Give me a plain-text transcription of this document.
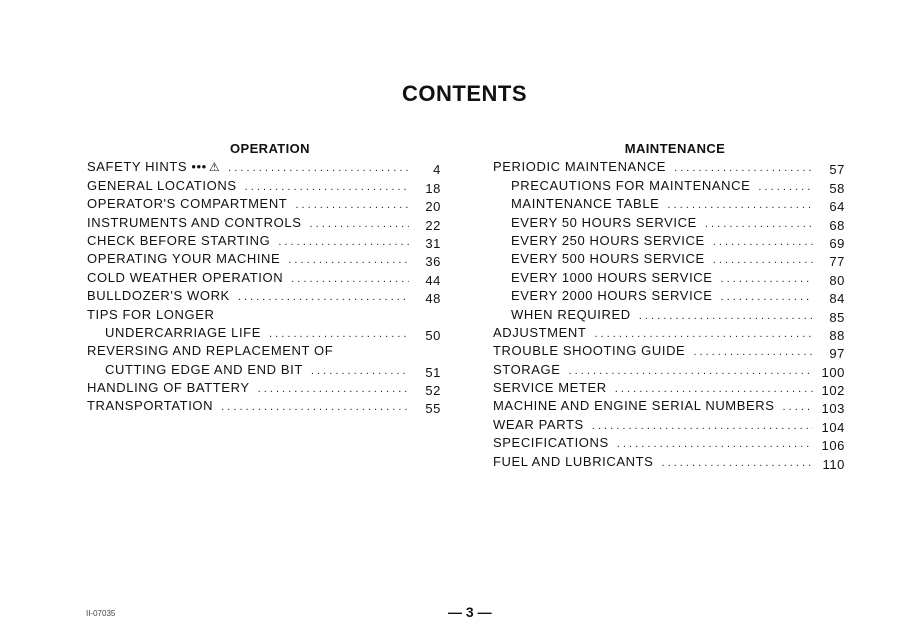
CONTENTS
OPERATION
SAFETY HINTS ••• ⚠ . . .	4
GENERAL LOCATIONS . . .	18
OPERATOR'S COMPARTMENT . . .	20
INSTRUMENTS AND CONTROLS . . .	22
CHECK BEFORE STARTING . . .	31
OPERATING YOUR MACHINE . . .	36
COLD WEATHER OPERATION . . .	44
BULLDOZER'S WORK . . .	48
TIPS FOR LONGER
UNDERCARRIAGE LIFE . . .	50
REVERSING AND REPLACEMENT OF
CUTTING EDGE AND END BIT . . .	51
HANDLING OF BATTERY . . .	52
TRANSPORTATION . . .	55
MAINTENANCE
PERIODIC MAINTENANCE . . .	57
PRECAUTIONS FOR MAINTENANCE . . .	58
MAINTENANCE TABLE . . .	64
EVERY 50 HOURS SERVICE . . .	68
EVERY 250 HOURS SERVICE . . .	69
EVERY 500 HOURS SERVICE . . .	77
EVERY 1000 HOURS SERVICE . . .	80
EVERY 2000 HOURS SERVICE . . .	84
WHEN REQUIRED . . .	85
ADJUSTMENT . . .	88
TROUBLE SHOOTING GUIDE . . .	97
STORAGE . . .	100
SERVICE METER . . .	102
MACHINE AND ENGINE SERIAL NUMBERS . . .	103
WEAR PARTS . . .	104
SPECIFICATIONS . . .	106
FUEL AND LUBRICANTS . . .	110
II-07035	— 3 —
